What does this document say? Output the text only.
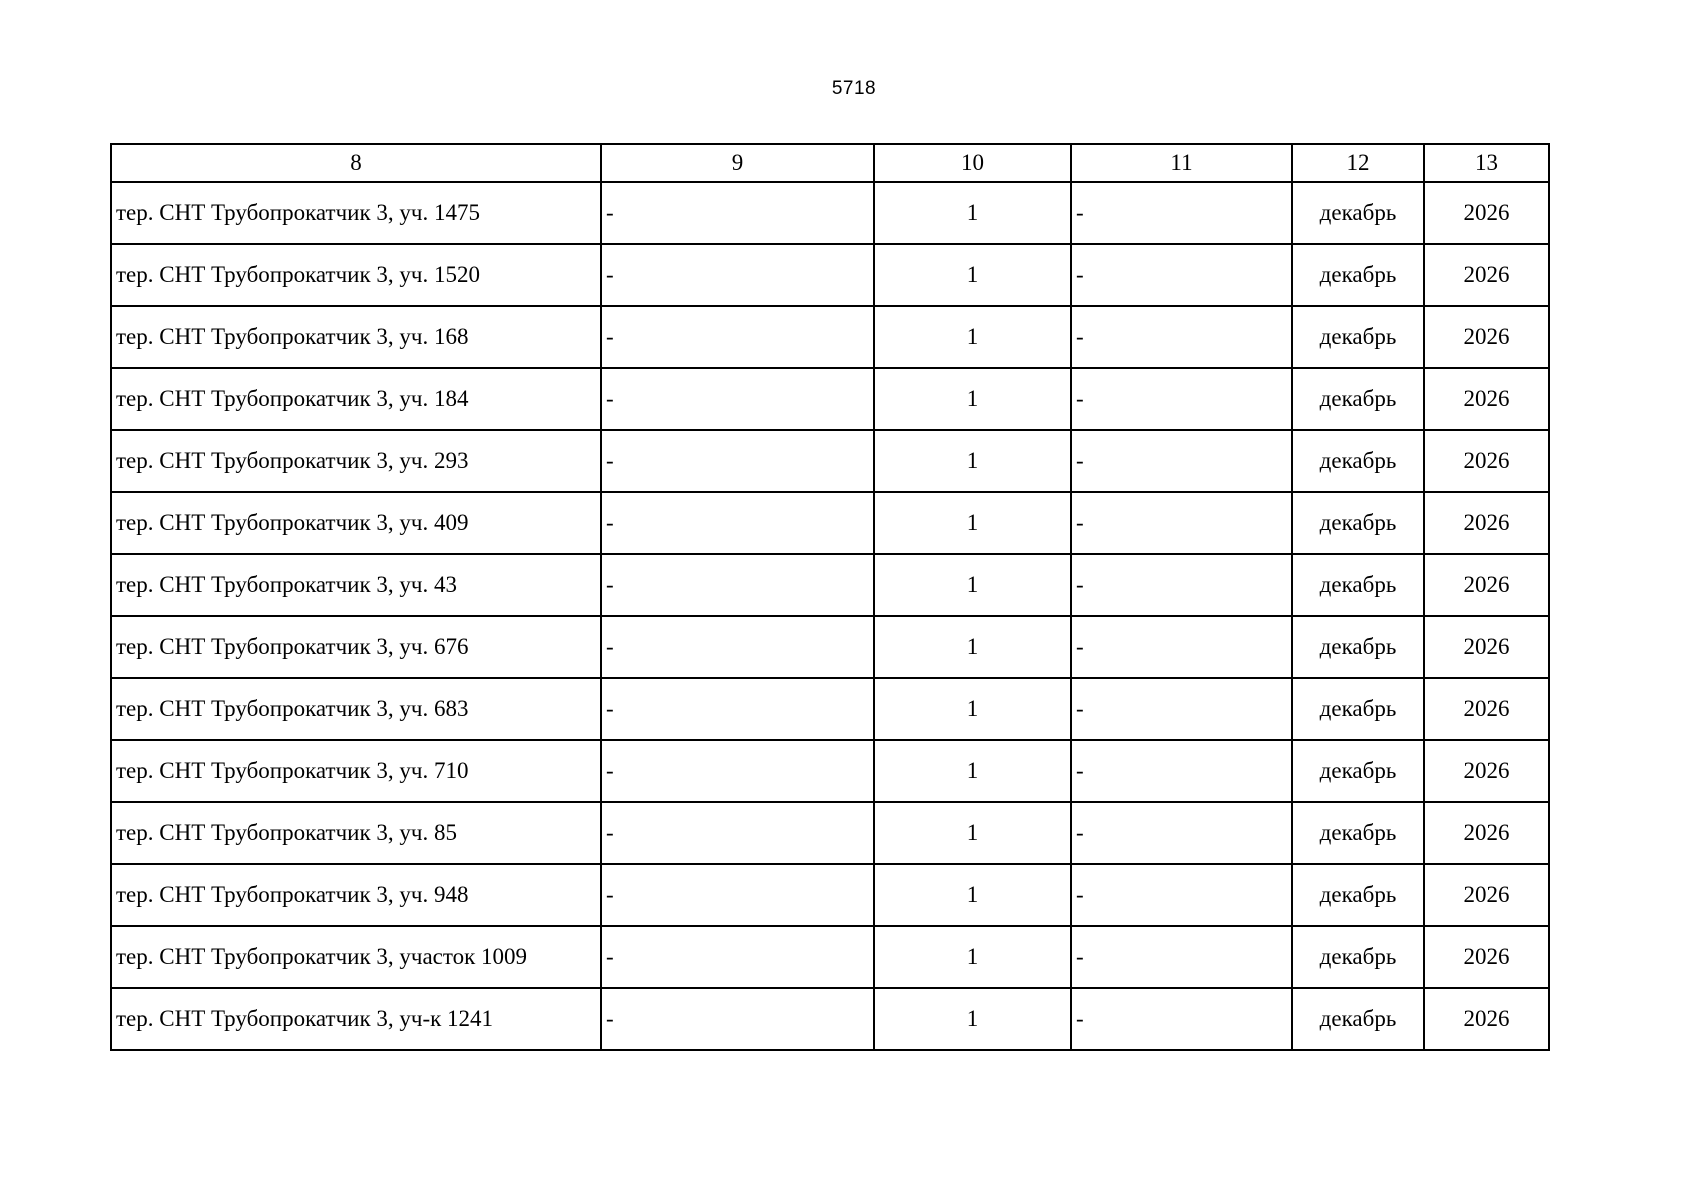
5718
8	9	10	11	12	13
тер. СНТ Трубопрокатчик 3, уч. 1475	-	1	-	декабрь	2026
тер. СНТ Трубопрокатчик 3, уч. 1520	-	1	-	декабрь	2026
тер. СНТ Трубопрокатчик 3, уч. 168	-	1	-	декабрь	2026
тер. СНТ Трубопрокатчик 3, уч. 184	-	1	-	декабрь	2026
тер. СНТ Трубопрокатчик 3, уч. 293	-	1	-	декабрь	2026
тер. СНТ Трубопрокатчик 3, уч. 409	-	1	-	декабрь	2026
тер. СНТ Трубопрокатчик 3, уч. 43	-	1	-	декабрь	2026
тер. СНТ Трубопрокатчик 3, уч. 676	-	1	-	декабрь	2026
тер. СНТ Трубопрокатчик 3, уч. 683	-	1	-	декабрь	2026
тер. СНТ Трубопрокатчик 3, уч. 710	-	1	-	декабрь	2026
тер. СНТ Трубопрокатчик 3, уч. 85	-	1	-	декабрь	2026
тер. СНТ Трубопрокатчик 3, уч. 948	-	1	-	декабрь	2026
тер. СНТ Трубопрокатчик 3, участок 1009	-	1	-	декабрь	2026
тер. СНТ Трубопрокатчик 3, уч-к 1241	-	1	-	декабрь	2026
